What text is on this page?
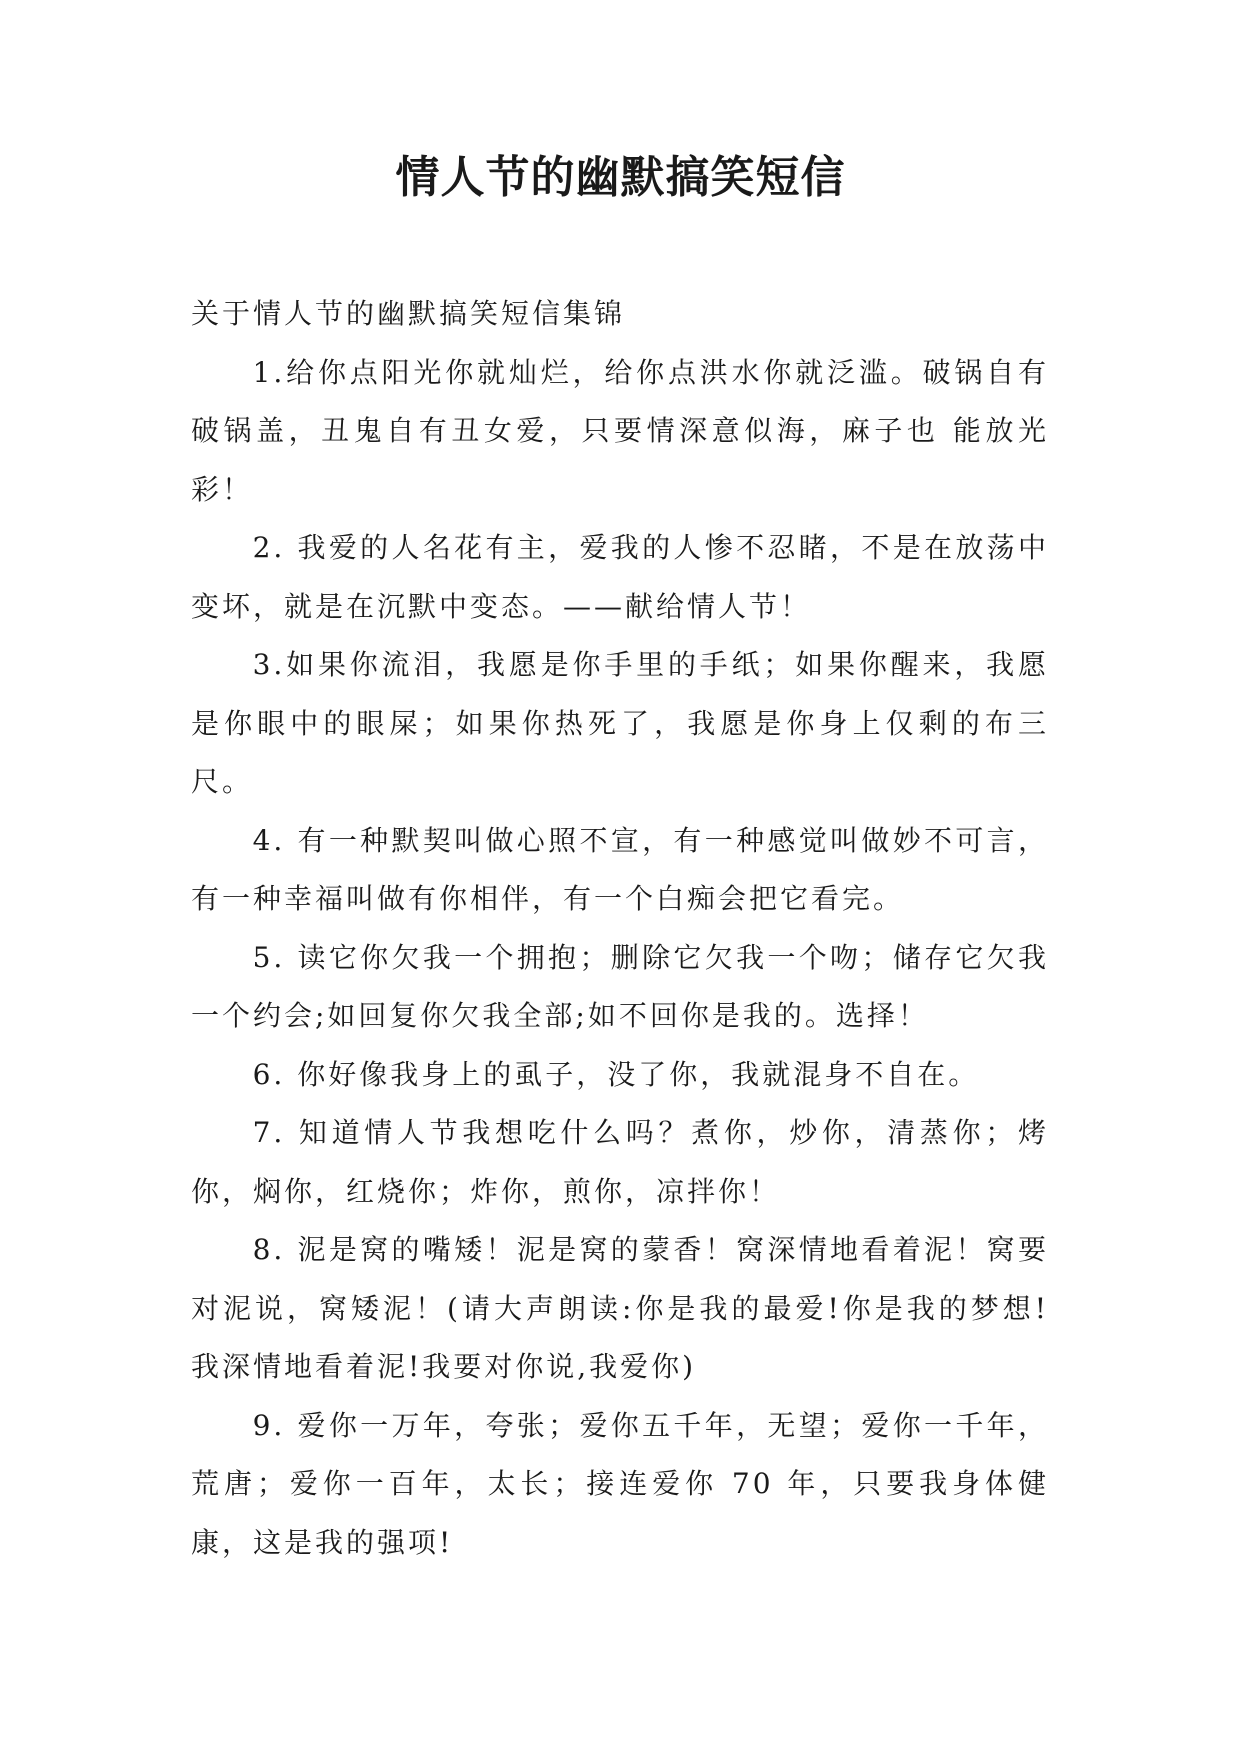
情人节的幽默搞笑短信

关于情人节的幽默搞笑短信集锦

1.给你点阳光你就灿烂，给你点洪水你就泛滥。破锅自有破锅盖，丑鬼自有丑女爱，只要情深意似海，麻子也 能放光彩！

2. 我爱的人名花有主，爱我的人惨不忍睹，不是在放荡中变坏，就是在沉默中变态。——献给情人节！

3.如果你流泪，我愿是你手里的手纸；如果你醒来，我愿是你眼中的眼屎；如果你热死了，我愿是你身上仅剩的布三尺。

4. 有一种默契叫做心照不宣，有一种感觉叫做妙不可言，有一种幸福叫做有你相伴，有一个白痴会把它看完。

5. 读它你欠我一个拥抱；删除它欠我一个吻；储存它欠我一个约会;如回复你欠我全部;如不回你是我的。选择！

6. 你好像我身上的虱子，没了你，我就混身不自在。

7. 知道情人节我想吃什么吗？煮你，炒你，清蒸你；烤你，焖你，红烧你；炸你，煎你，凉拌你！

8. 泥是窝的嘴矮！泥是窝的蒙香！窝深情地看着泥！窝要对泥说，窝矮泥！(请大声朗读:你是我的最爱!你是我的梦想!我深情地看着泥!我要对你说,我爱你)

9. 爱你一万年，夸张；爱你五千年，无望；爱你一千年，荒唐；爱你一百年，太长；接连爱你 70 年，只要我身体健康，这是我的强项!
